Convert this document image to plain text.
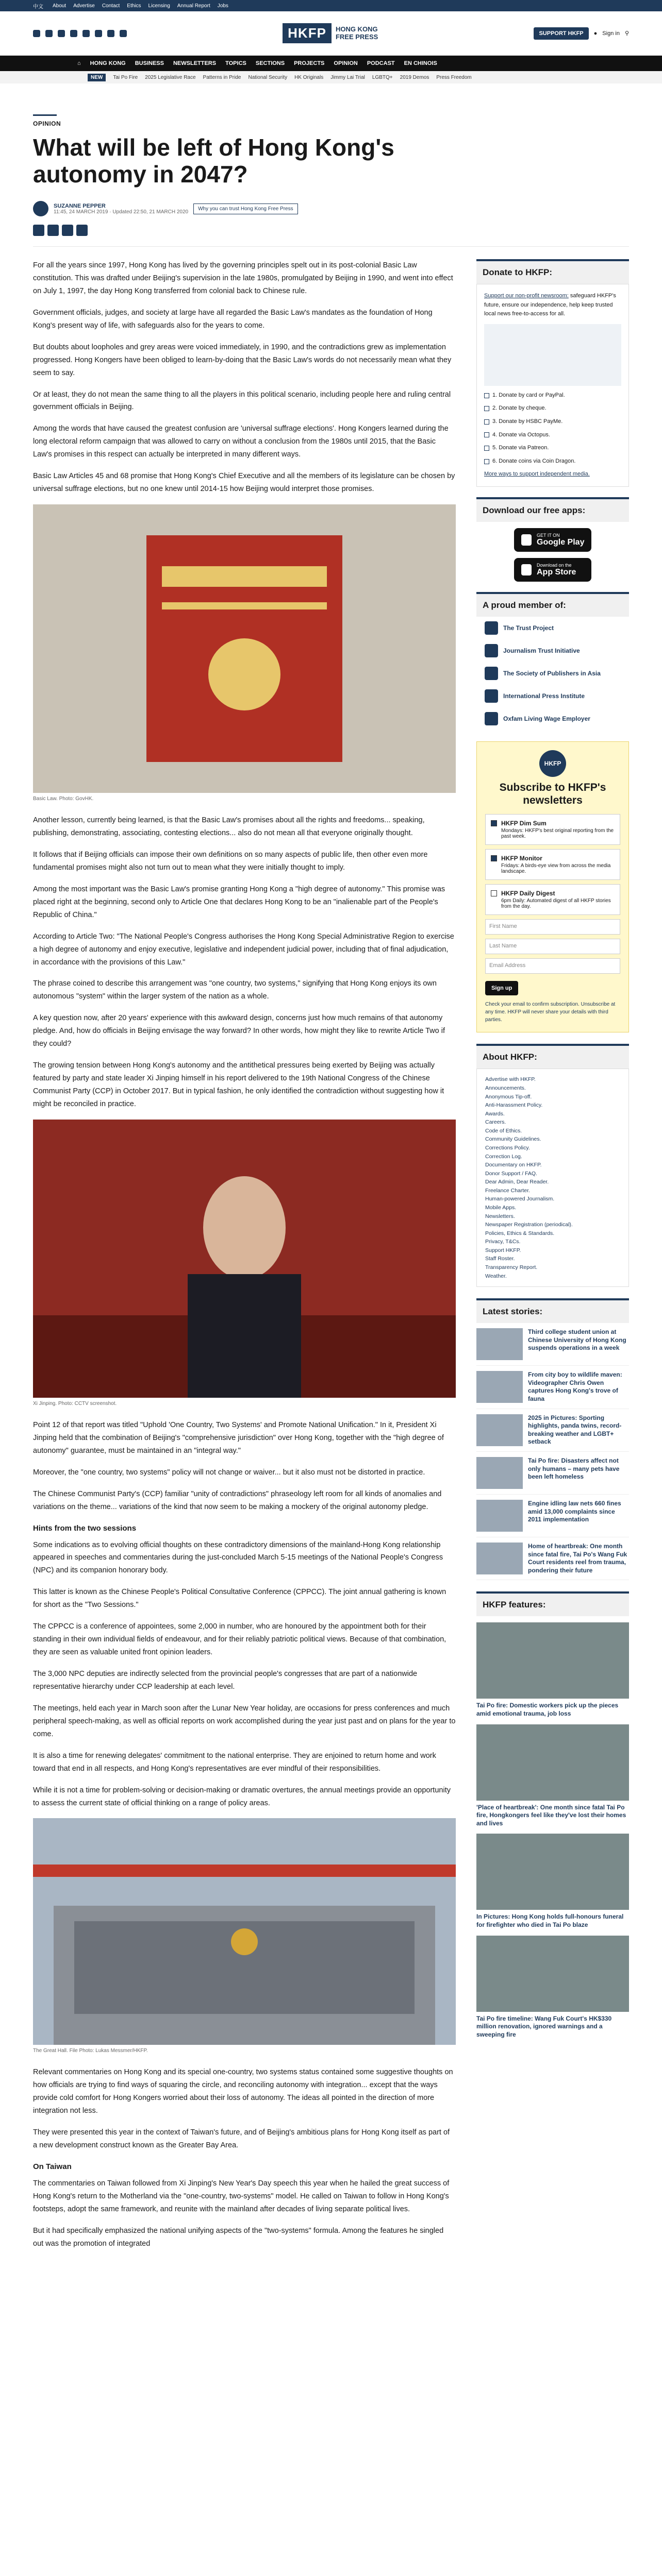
中文 About Advertise Contact Ethics Licensing Annual Report Jobs
HKFP	HONG KONG
FREE PRESS	SUPPORT HKFP	● Sign in ⚲
⌂ HONG KONG BUSINESS NEWSLETTERS TOPICS SECTIONS PROJECTS OPINION PODCAST EN CHINOIS
NEW	Tai Po Fire 2025 Legislative Race Patterns in Pride National Security HK Originals Jimmy Lai Trial LGBTQ+ 2019 Demos Press Freedom
OPINION
What will be left of Hong Kong's autonomy in 2047?
SUZANNE PEPPER
11:45, 24 MARCH 2019 · Updated 22:50, 21 MARCH 2020
Why you can trust Hong Kong Free Press

For all the years since 1997, Hong Kong has lived by the governing principles spelt out in its post-colonial Basic Law constitution. This was drafted under Beijing's supervision in the late 1980s, promulgated by Beijing in 1990, and went into effect on July 1, 1997, the day Hong Kong transferred from colonial back to Chinese rule.

Government officials, judges, and society at large have all regarded the Basic Law's mandates as the foundation of Hong Kong's present way of life, with safeguards also for the years to come.

But doubts about loopholes and grey areas were voiced immediately, in 1990, and the contradictions grew as implementation progressed. Hong Kongers have been obliged to learn-by-doing that the Basic Law's words do not necessarily mean what they seem to say.

Or at least, they do not mean the same thing to all the players in this political scenario, including people here and ruling central government officials in Beijing.

Among the words that have caused the greatest confusion are 'universal suffrage elections'. Hong Kongers learned during the long electoral reform campaign that was allowed to carry on without a conclusion from the 1980s until 2015, that the Basic Law's promises in this respect can actually be interpreted in many different ways.

Basic Law Articles 45 and 68 promise that Hong Kong's Chief Executive and all the members of its legislature can be chosen by universal suffrage elections, but no one knew until 2014-15 how Beijing would interpret those promises.

Basic Law. Photo: GovHK.

Another lesson, currently being learned, is that the Basic Law's promises about all the rights and freedoms... speaking, publishing, demonstrating, associating, contesting elections... also do not mean all that everyone originally thought.

It follows that if Beijing officials can impose their own definitions on so many aspects of public life, then other even more fundamental promises might also not turn out to mean what they were initially thought to imply.

Among the most important was the Basic Law's promise granting Hong Kong a "high degree of autonomy." This promise was placed right at the beginning, second only to Article One that declares Hong Kong to be an "inalienable part of the People's Republic of China."

According to Article Two: "The National People's Congress authorises the Hong Kong Special Administrative Region to exercise a high degree of autonomy and enjoy executive, legislative and independent judicial power, including that of final adjudication, in accordance with the provisions of this Law."

The phrase coined to describe this arrangement was "one country, two systems," signifying that Hong Kong enjoys its own autonomous "system" within the larger system of the nation as a whole.

A key question now, after 20 years' experience with this awkward design, concerns just how much remains of that autonomy pledge. And, how do officials in Beijing envisage the way forward? In other words, how might they like to rewrite Article Two if they could?

The growing tension between Hong Kong's autonomy and the antithetical pressures being exerted by Beijing was actually featured by party and state leader Xi Jinping himself in his report delivered to the 19th National Congress of the Chinese Communist Party (CCP) in October 2017. But in typical fashion, he only identified the contradiction without suggesting how it might be reconciled in practice.

Xi Jinping. Photo: CCTV screenshot.

Point 12 of that report was titled "Uphold 'One Country, Two Systems' and Promote National Unification." In it, President Xi Jinping held that the combination of Beijing's "comprehensive jurisdiction" over Hong Kong, together with the "high degree of autonomy" guarantee, must be maintained in an "integral way."

Moreover, the "one country, two systems" policy will not change or waiver... but it also must not be distorted in practice.

The Chinese Communist Party's (CCP) familiar "unity of contradictions" phraseology left room for all kinds of anomalies and variations on the theme... variations of the kind that now seem to be making a mockery of the original autonomy pledge.

Hints from the two sessions

Some indications as to evolving official thoughts on these contradictory dimensions of the mainland-Hong Kong relationship appeared in speeches and commentaries during the just-concluded March 5-15 meetings of the National People's Congress (NPC) and its companion honorary body.

This latter is known as the Chinese People's Political Consultative Conference (CPPCC). The joint annual gathering is known for short as the "Two Sessions."

The CPPCC is a conference of appointees, some 2,000 in number, who are honoured by the appointment both for their standing in their own individual fields of endeavour, and for their reliably patriotic political views. Because of that combination, they are seen as valuable united front opinion leaders.

The 3,000 NPC deputies are indirectly selected from the provincial people's congresses that are part of a nationwide representative hierarchy under CCP leadership at each level.

The meetings, held each year in March soon after the Lunar New Year holiday, are occasions for press conferences and much peripheral speech-making, as well as official reports on work accomplished during the year just past and on plans for the year to come.

It is also a time for renewing delegates' commitment to the national enterprise. They are enjoined to return home and work toward that end in all respects, and Hong Kong's representatives are ever mindful of their responsibilities.

While it is not a time for problem-solving or decision-making or dramatic overtures, the annual meetings provide an opportunity to assess the current state of official thinking on a range of policy areas.

The Great Hall. File Photo: Lukas Messmer/HKFP.

Relevant commentaries on Hong Kong and its special one-country, two systems status contained some suggestive thoughts on how officials are trying to find ways of squaring the circle, and reconciling autonomy with integration... except that the ways provide cold comfort for Hong Kongers worried about their loss of autonomy. The ideas all pointed in the direction of more integration not less.

They were presented this year in the context of Taiwan's future, and of Beijing's ambitious plans for Hong Kong itself as part of a new development construct known as the Greater Bay Area.

On Taiwan

The commentaries on Taiwan followed from Xi Jinping's New Year's Day speech this year when he hailed the great success of Hong Kong's return to the Motherland via the "one-country, two-systems" model. He called on Taiwan to follow in Hong Kong's footsteps, adopt the same framework, and reunite with the mainland after decades of living separate political lives.

But it had specifically emphasized the national unifying aspects of the "two-systems" formula. Among the features he singled out was the promotion of integrated

Donate to HKFP:

Support our non-profit newsroom: safeguard HKFP's future, ensure our independence, help keep trusted local news free-to-access for all.

1. Donate by card or PayPal.
2. Donate by cheque.
3. Donate by HSBC PayMe.
4. Donate via Octopus.
5. Donate via Patreon.
6. Donate coins via Coin Dragon.
More ways to support independent media.
Download our free apps:
GET IT ON
Google Play
Download on the
App Store
A proud member of:
The Trust Project
Journalism Trust Initiative
The Society of Publishers in Asia
International Press Institute
Oxfam Living Wage Employer
HKFP
Subscribe to HKFP's newsletters
HKFP Dim Sum
Mondays: HKFP's best original reporting from the past week.
HKFP Monitor
Fridays: A birds-eye view from across the media landscape.
HKFP Daily Digest
6pm Daily: Automated digest of all HKFP stories from the day.
First Name
Last Name
Email Address
Sign up

Check your email to confirm subscription. Unsubscribe at any time. HKFP will never share your details with third parties.

About HKFP:
Advertise with HKFP.
Announcements.
Anonymous Tip-off.
Anti-Harassment Policy.
Awards.
Careers.
Code of Ethics.
Community Guidelines.
Corrections Policy.
Correction Log.
Documentary on HKFP.
Donor Support / FAQ.
Dear Admin, Dear Reader.
Freelance Charter.
Human-powered Journalism.
Mobile Apps.
Newsletters.
Newspaper Registration (periodical).
Policies, Ethics & Standards.
Privacy, T&Cs.
Support HKFP.
Staff Roster.
Transparency Report.
Weather.
Latest stories:
Third college student union at Chinese University of Hong Kong suspends operations in a week
From city boy to wildlife maven: Videographer Chris Owen captures Hong Kong's trove of fauna
2025 in Pictures: Sporting highlights, panda twins, record-breaking weather and LGBT+ setback
Tai Po fire: Disasters affect not only humans – many pets have been left homeless
Engine idling law nets 660 fines amid 13,000 complaints since 2011 implementation
Home of heartbreak: One month since fatal fire, Tai Po's Wang Fuk Court residents reel from trauma, pondering their future
HKFP features:
Tai Po fire: Domestic workers pick up the pieces amid emotional trauma, job loss
'Place of heartbreak': One month since fatal Tai Po fire, Hongkongers feel like they've lost their homes and lives
In Pictures: Hong Kong holds full-honours funeral for firefighter who died in Tai Po blaze
Tai Po fire timeline: Wang Fuk Court's HK$330 million renovation, ignored warnings and a sweeping fire
